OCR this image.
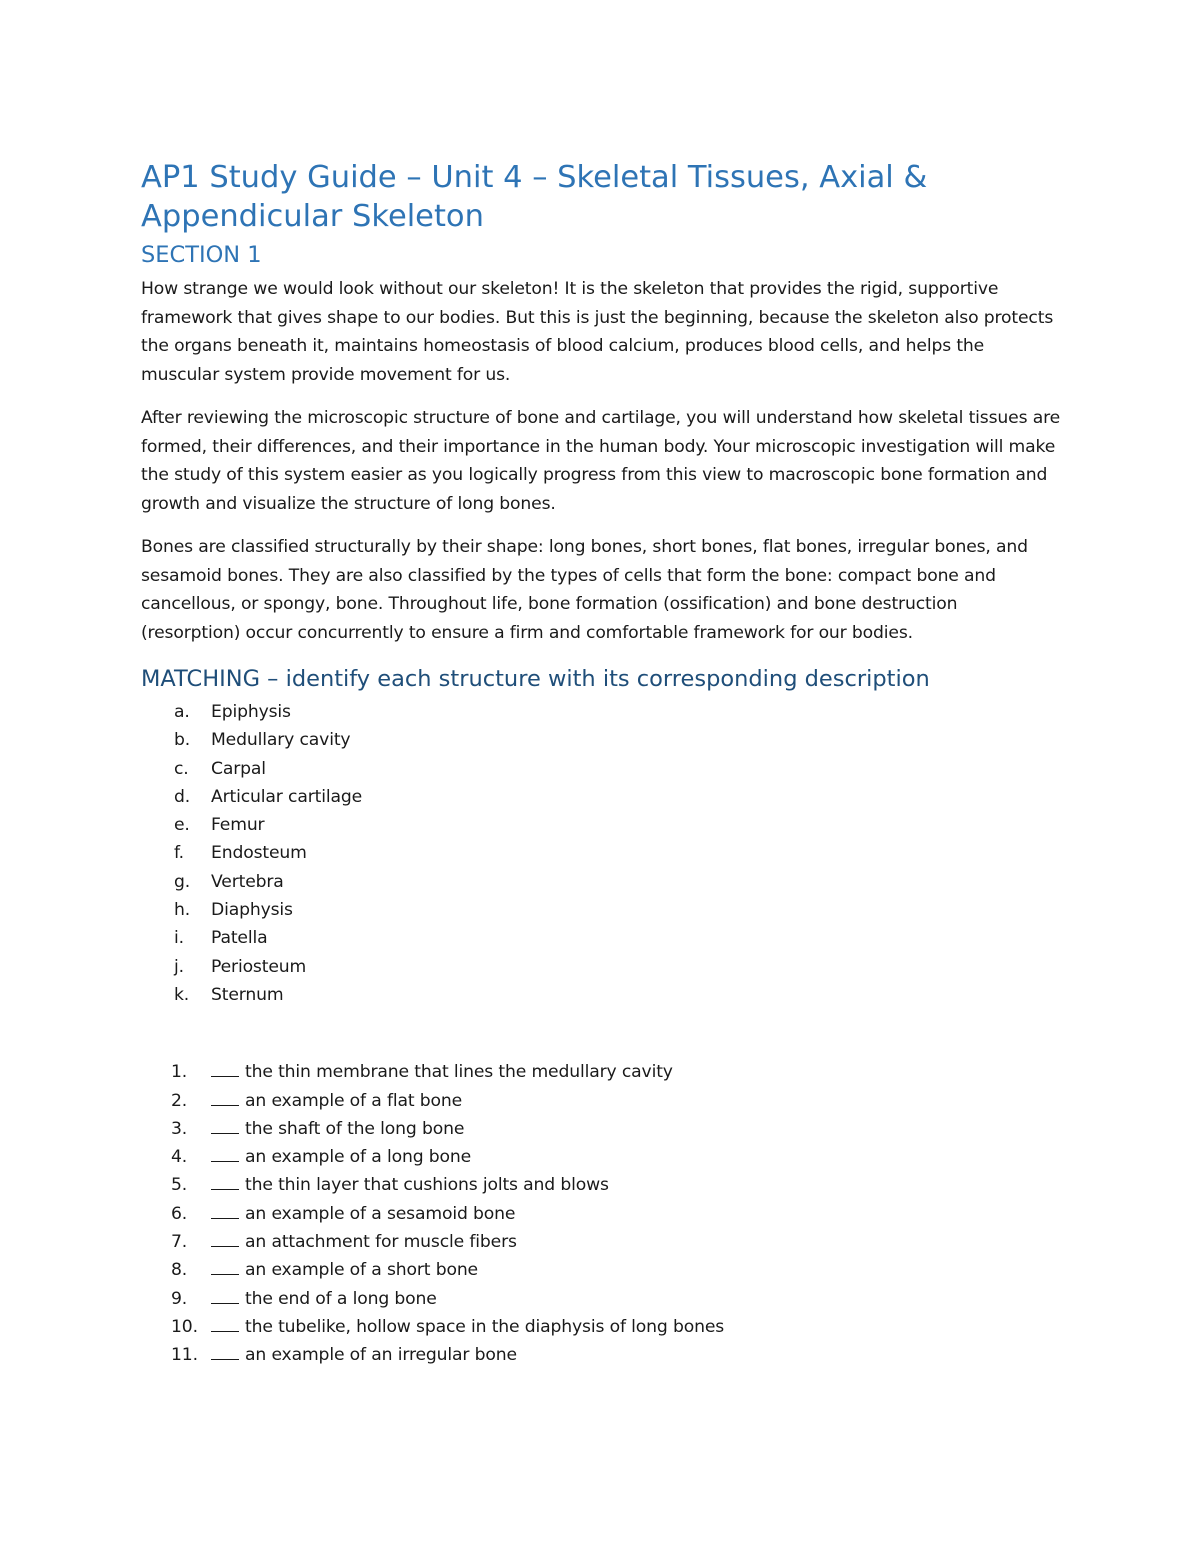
AP1 Study Guide – Unit 4 – Skeletal Tissues, Axial & Appendicular Skeleton
SECTION 1

How strange we would look without our skeleton! It is the skeleton that provides the rigid, supportive framework that gives shape to our bodies. But this is just the beginning, because the skeleton also protects the organs beneath it, maintains homeostasis of blood calcium, produces blood cells, and helps the muscular system provide movement for us.

After reviewing the microscopic structure of bone and cartilage, you will understand how skeletal tissues are formed, their differences, and their importance in the human body. Your microscopic investigation will make the study of this system easier as you logically progress from this view to macroscopic bone formation and growth and visualize the structure of long bones.

Bones are classified structurally by their shape: long bones, short bones, flat bones, irregular bones, and sesamoid bones. They are also classified by the types of cells that form the bone: compact bone and cancellous, or spongy, bone. Throughout life, bone formation (ossification) and bone destruction (resorption) occur concurrently to ensure a firm and comfortable framework for our bodies.

MATCHING – identify each structure with its corresponding description
a.	Epiphysis
b.	Medullary cavity
c.	Carpal
d.	Articular cartilage
e.	Femur
f.	Endosteum
g.	Vertebra
h.	Diaphysis
i.	Patella
j.	Periosteum
k.	Sternum
1.	the thin membrane that lines the medullary cavity
2.	an example of a flat bone
3.	the shaft of the long bone
4.	an example of a long bone
5.	the thin layer that cushions jolts and blows
6.	an example of a sesamoid bone
7.	an attachment for muscle fibers
8.	an example of a short bone
9.	the end of a long bone
10.	the tubelike, hollow space in the diaphysis of long bones
11.	an example of an irregular bone
